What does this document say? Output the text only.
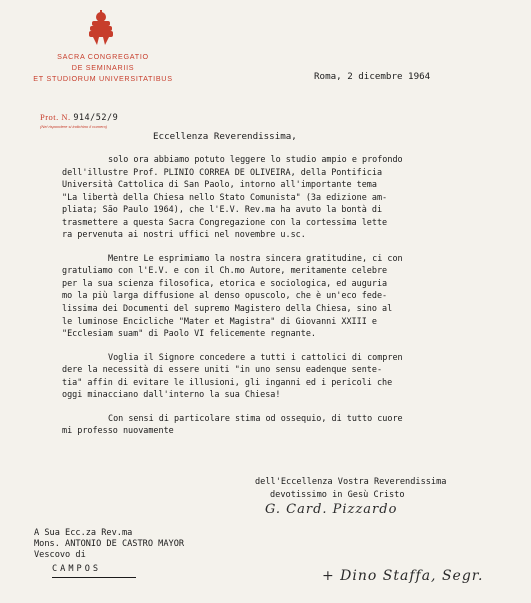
SACRA CONGREGATIO
DE SEMINARIIS
ET STUDIORUM UNIVERSITATIBUS
Prot. N. 914/52/9
(Nel rispondere si indichino il numero)
Roma, 2 dicembre 1964
Eccellenza Reverendissima,

solo ora abbiamo potuto leggere lo studio ampio e profondo
dell'illustre Prof. PLINIO CORREA DE OLIVEIRA, della Pontificia
Università Cattolica di San Paolo, intorno all'importante tema
"La libertà della Chiesa nello Stato Comunista" (3a edizione am-
pliata; São Paulo 1964), che l'E.V. Rev.ma ha avuto la bontà di
trasmettere a questa Sacra Congregazione con la cortessima lette
ra pervenuta ai nostri uffici nel novembre u.sc.

Mentre Le esprimiamo la nostra sincera gratitudine, ci con
gratuliamo con l'E.V. e con il Ch.mo Autore, meritamente celebre
per la sua scienza filosofica, etorica e sociologica, ed auguria
mo la più larga diffusione al denso opuscolo, che è un'eco fede-
lissima dei Documenti del supremo Magistero della Chiesa, sino al
le luminose Encicliche "Mater et Magistra" di Giovanni XXIII e
"Ecclesiam suam" di Paolo VI felicemente regnante.

Voglia il Signore concedere a tutti i cattolici di compren
dere la necessità di essere uniti "in uno sensu eadenque sente-
tia" affin di evitare le illusioni, gli inganni ed i pericoli che
oggi minacciano dall'interno la sua Chiesa!

Con sensi di particolare stima od ossequio, di tutto cuore
mi professo nuovamente

dell'Eccellenza Vostra Reverendissima
devotissimo in Gesù Cristo
G. Card. Pizzardo
A Sua Ecc.za Rev.ma
Mons. ANTONIO DE CASTRO MAYOR
Vescovo di
CAMPOS	+ Dino Staffa, Segr.
